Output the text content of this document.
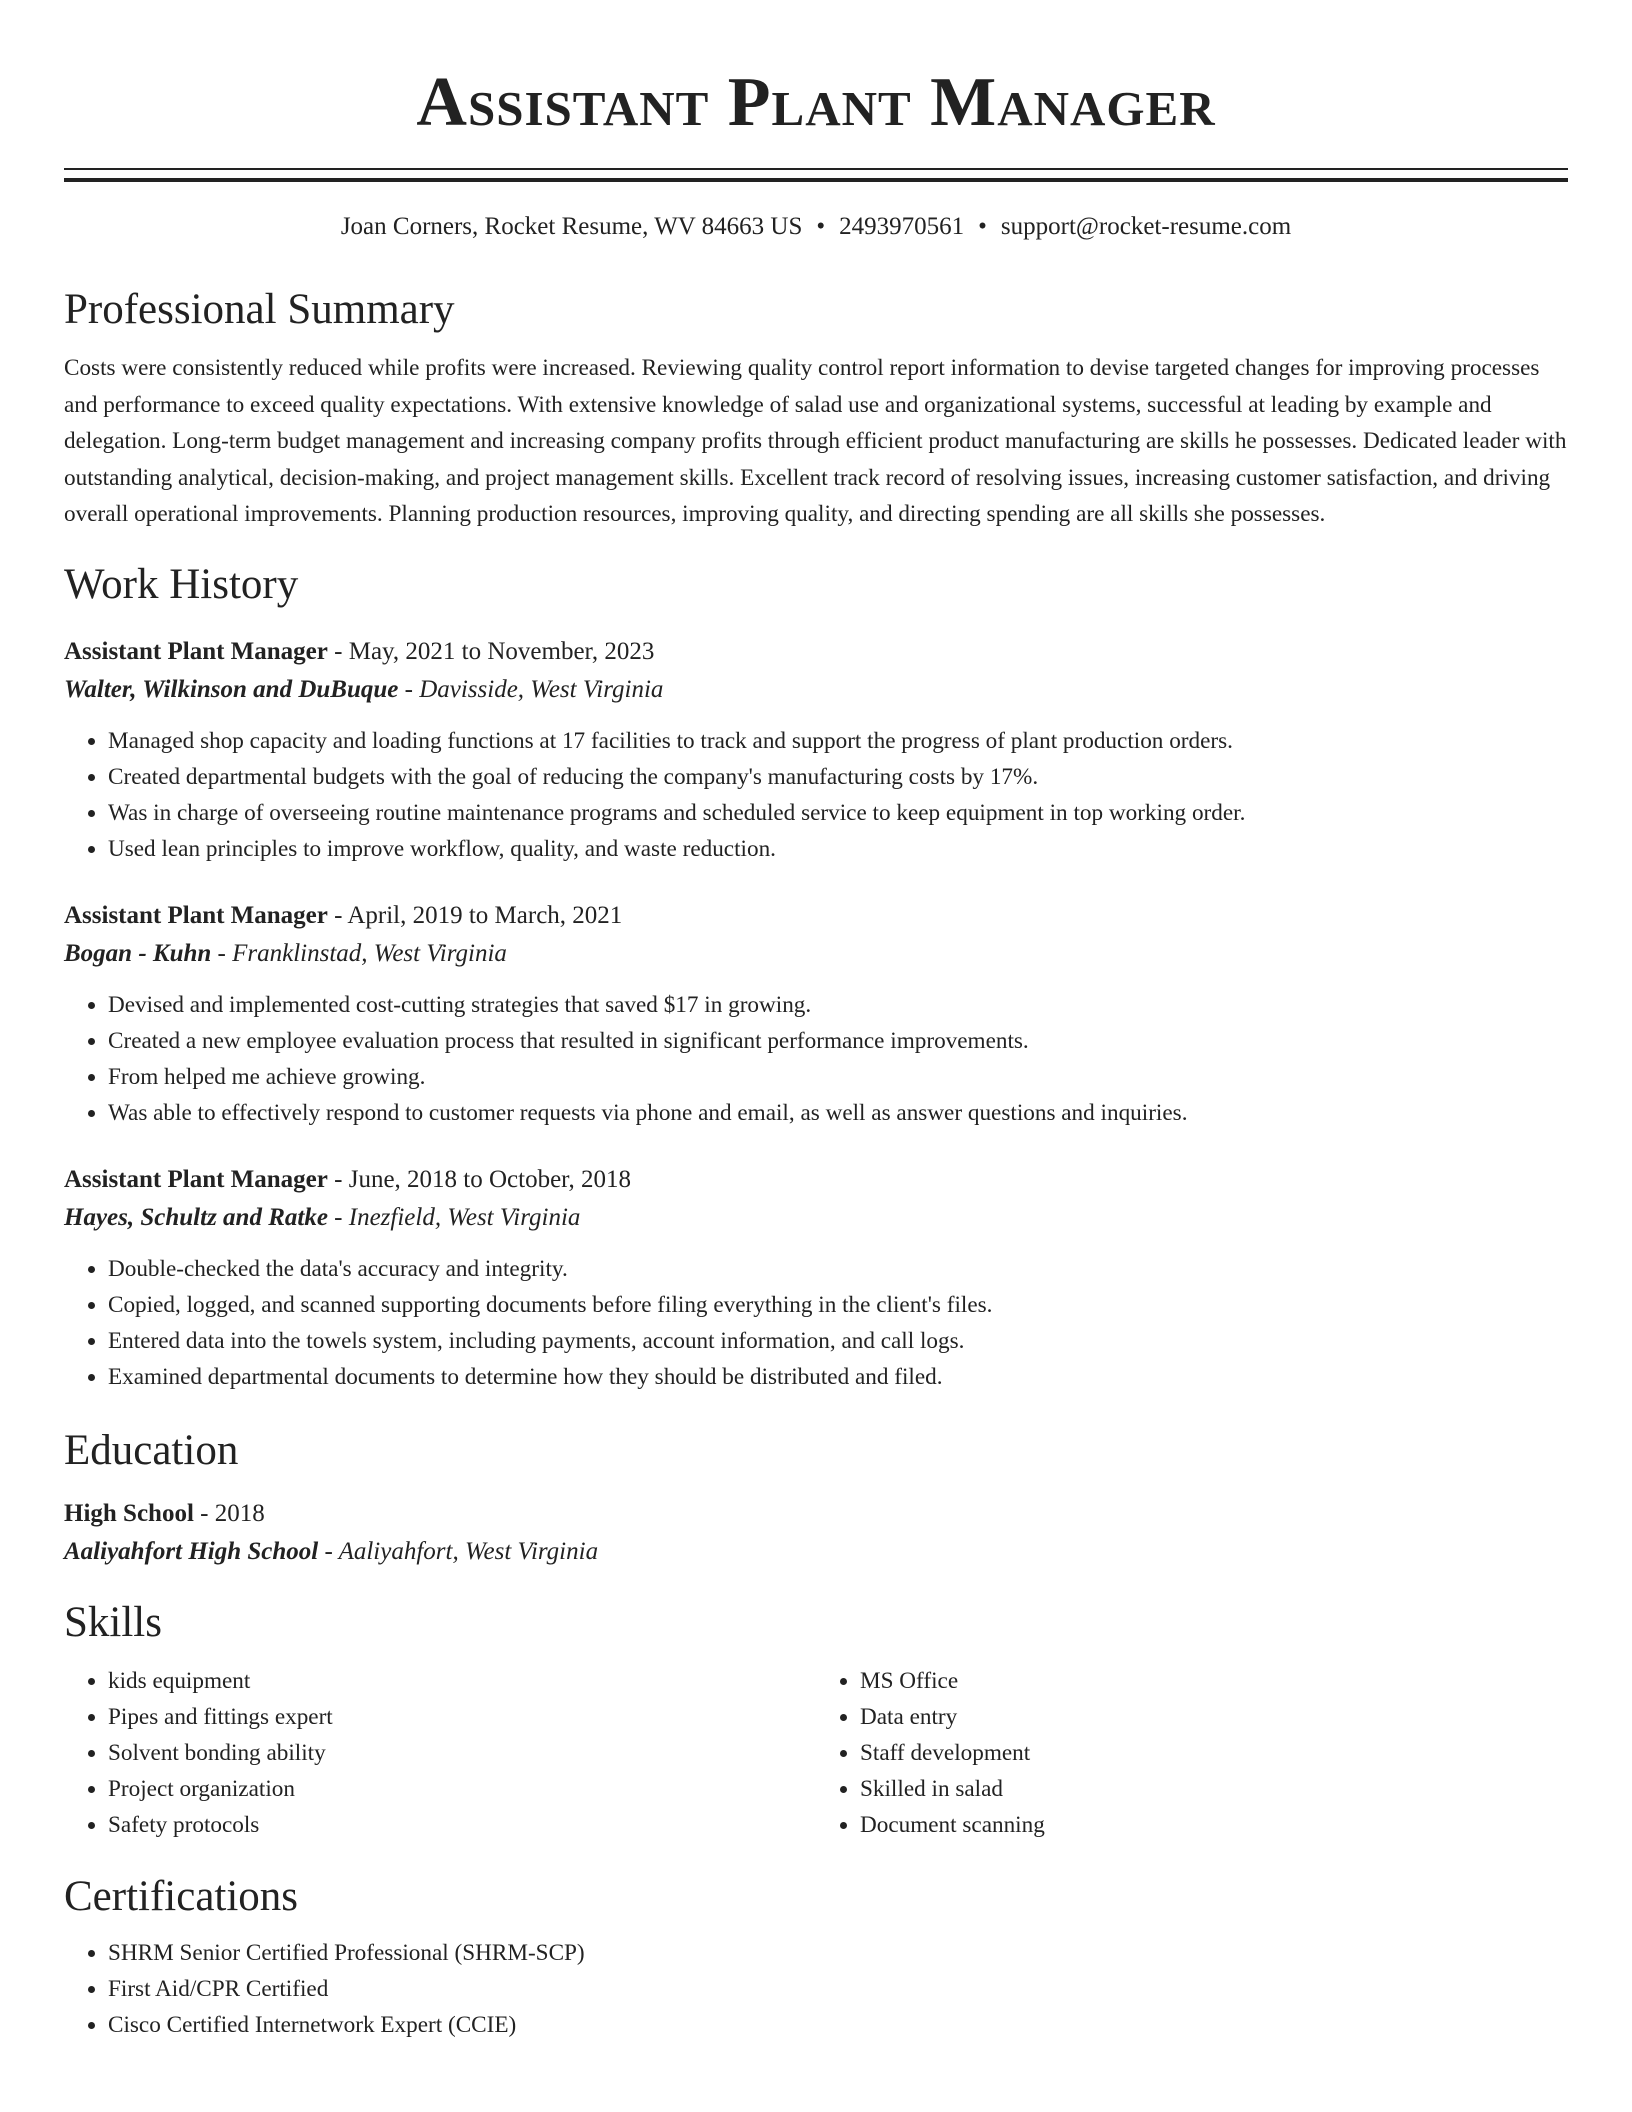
Assistant Plant Manager
Joan Corners, Rocket Resume, WV 84663 US • 2493970561 • support@rocket-resume.com
Professional Summary

Costs were consistently reduced while profits were increased. Reviewing quality control report information to devise targeted changes for improving processes and performance to exceed quality expectations. With extensive knowledge of salad use and organizational systems, successful at leading by example and delegation. Long-term budget management and increasing company profits through efficient product manufacturing are skills he possesses. Dedicated leader with outstanding analytical, decision-making, and project management skills. Excellent track record of resolving issues, increasing customer satisfaction, and driving overall operational improvements. Planning production resources, improving quality, and directing spending are all skills she possesses.

Work History
Assistant Plant Manager - May, 2021 to November, 2023
Walter, Wilkinson and DuBuque - Davisside, West Virginia
• Managed shop capacity and loading functions at 17 facilities to track and support the progress of plant production orders.
• Created departmental budgets with the goal of reducing the company's manufacturing costs by 17%.
• Was in charge of overseeing routine maintenance programs and scheduled service to keep equipment in top working order.
• Used lean principles to improve workflow, quality, and waste reduction.
Assistant Plant Manager - April, 2019 to March, 2021
Bogan - Kuhn - Franklinstad, West Virginia
• Devised and implemented cost-cutting strategies that saved $17 in growing.
• Created a new employee evaluation process that resulted in significant performance improvements.
• From helped me achieve growing.
• Was able to effectively respond to customer requests via phone and email, as well as answer questions and inquiries.
Assistant Plant Manager - June, 2018 to October, 2018
Hayes, Schultz and Ratke - Inezfield, West Virginia
• Double-checked the data's accuracy and integrity.
• Copied, logged, and scanned supporting documents before filing everything in the client's files.
• Entered data into the towels system, including payments, account information, and call logs.
• Examined departmental documents to determine how they should be distributed and filed.
Education
High School - 2018
Aaliyahfort High School - Aaliyahfort, West Virginia
Skills
• kids equipment
• Pipes and fittings expert
• Solvent bonding ability
• Project organization
• Safety protocols
• MS Office
• Data entry
• Staff development
• Skilled in salad
• Document scanning
Certifications
• SHRM Senior Certified Professional (SHRM-SCP)
• First Aid/CPR Certified
• Cisco Certified Internetwork Expert (CCIE)
